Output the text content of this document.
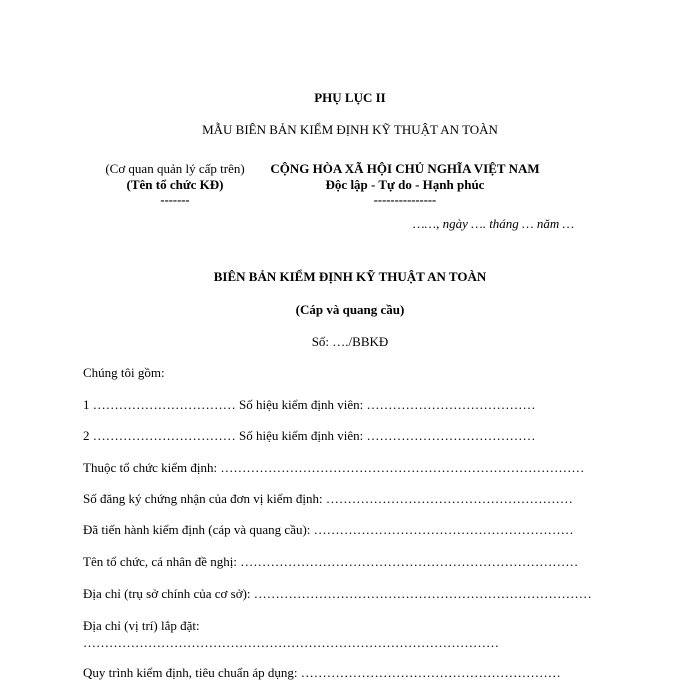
PHỤ LỤC II
MẪU BIÊN BẢN KIỂM ĐỊNH KỸ THUẬT AN TOÀN
(Cơ quan quản lý cấp trên)
(Tên tổ chức KĐ)
-------
CỘNG HÒA XÃ HỘI CHỦ NGHĨA VIỆT NAM
Độc lập - Tự do - Hạnh phúc
---------------
……, ngày …. tháng … năm …
BIÊN BẢN KIỂM ĐỊNH KỸ THUẬT AN TOÀN
(Cáp và quang cầu)
Số: …./BBKĐ
Chúng tôi gồm:
1 …………………………… Số hiệu kiểm định viên: …………………………………
2 …………………………… Số hiệu kiểm định viên: …………………………………
Thuộc tổ chức kiểm định: …………………………………………………………………………
Số đăng ký chứng nhận của đơn vị kiểm định: …………………………………………………
Đã tiến hành kiểm định (cáp và quang cầu): ……………………………………………………
Tên tổ chức, cá nhân đề nghị: ……………………………………………………………………
Địa chỉ (trụ sở chính của cơ sở): ……………………………………………………………………
Địa chỉ (vị trí) lắp đặt:
……………………………………………………………………………………
Quy trình kiểm định, tiêu chuẩn áp dụng: ……………………………………………………
